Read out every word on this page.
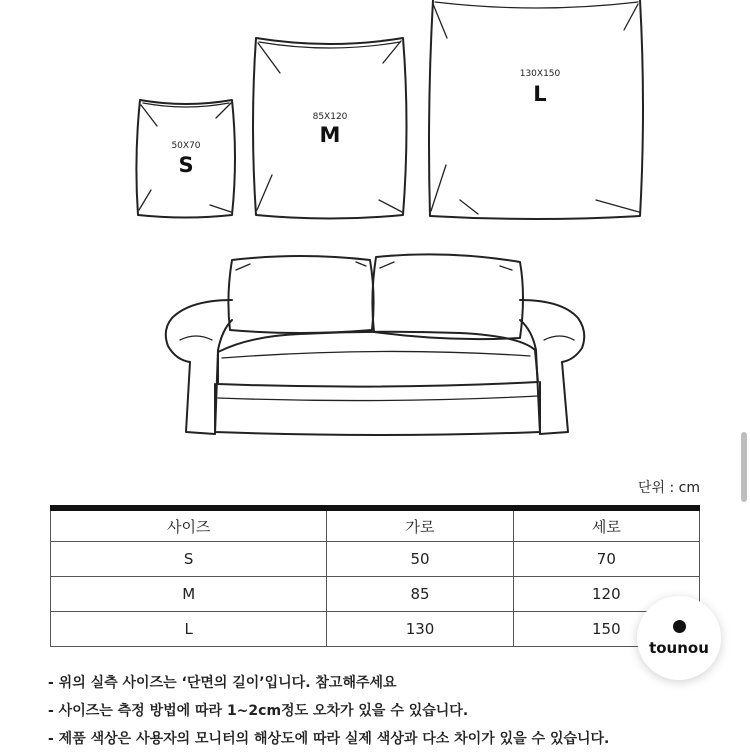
50X70
S
85X120
M
130X150
L
단위 : cm
사이즈	가로	세로
S	50	70
M	85	120
L	130	150
- 위의 실측 사이즈는 ‘단면의 길이’입니다. 참고해주세요
- 사이즈는 측정 방법에 따라 1~2cm정도 오차가 있을 수 있습니다.
- 제품 색상은 사용자의 모니터의 해상도에 따라 실제 색상과 다소 차이가 있을 수 있습니다.
tounou
